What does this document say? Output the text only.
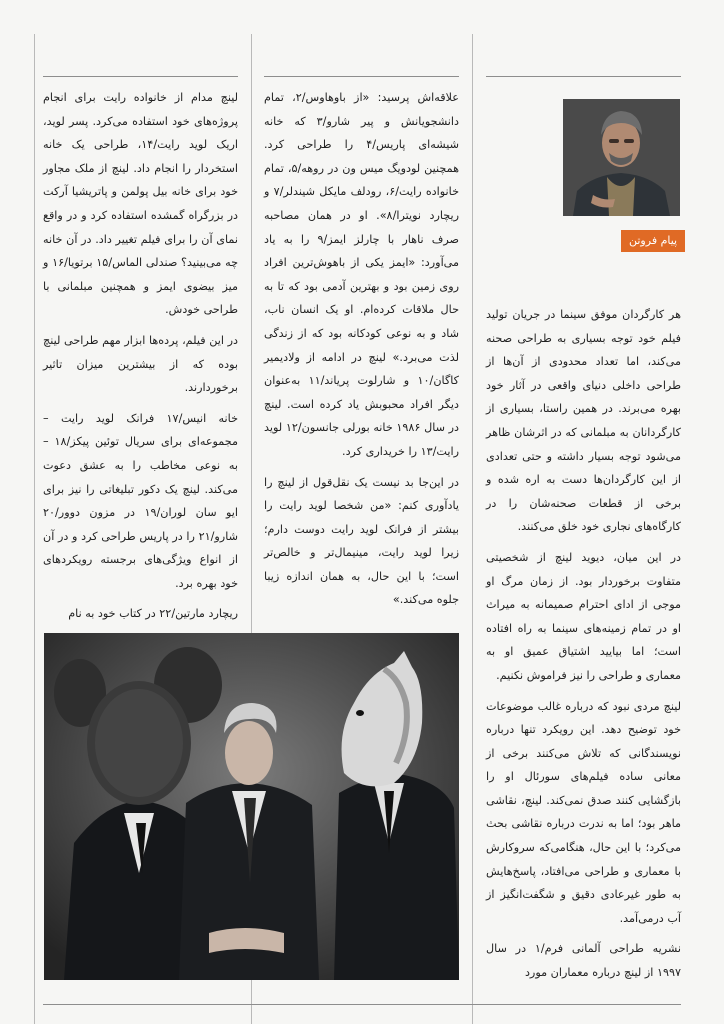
پیام فروتن

هر کارگردان موفق سینما در جریان تولید فیلم خود توجه بسیاری به طراحی صحنه می‌کند، اما تعداد محدودی از آن‌ها از طراحی داخلی دنیای واقعی در آثار خود بهره می‌برند. در همین راستا، بسیاری از کارگردانان به مبلمانی که در اثرشان ظاهر می‌شود توجه بسیار داشته و حتی تعدادی از این کارگردان‌ها دست به اره شده و برخی از قطعات صحنه‌شان را در کارگاه‌های نجاری خود خلق می‌کنند.

در این میان، دیوید لینچ از شخصیتی متفاوت برخوردار بود. از زمان مرگ او موجی از ادای احترام صمیمانه به میراث او در تمام زمینه‌های سینما به راه افتاده است؛ اما بیایید اشتیاق عمیق او به معماری و طراحی را نیز فراموش نکنیم.

لینچ مردی نبود که درباره غالب موضوعات خود توضیح دهد. این رویکرد تنها درباره نویسندگانی که تلاش می‌کنند برخی از معانی ساده فیلم‌های سورئال او را بازگشایی کنند صدق نمی‌کند. لینچ، نقاشی ماهر بود؛ اما به ندرت درباره نقاشی بحث می‌کرد؛ با این حال، هنگامی‌که سروکارش با معماری و طراحی می‌افتاد، پاسخ‌هایش به طور غیرعادی دقیق و شگفت‌انگیز از آب درمی‌آمد.

نشریه طراحی آلمانی فرم/۱ در سال ۱۹۹۷ از لینچ درباره معماران مورد

علاقه‌اش پرسید: «از باوهاوس/۲، تمام دانشجویانش و پیر شارو/۳ که خانه شیشه‌ای پاریس/۴ را طراحی کرد. همچنین لودویگ میس ون در روهه/۵، تمام خانواده رایت/۶، رودلف مایکل شیندلر/۷ و ریچارد نویترا/۸». او در همان مصاحبه صرف ناهار با چارلز ایمز/۹ را به یاد می‌آورد: «ایمز یکی از باهوش‌ترین افراد روی زمین بود و بهترین آدمی بود که تا به حال ملاقات کرده‌ام. او یک انسان ناب، شاد و به نوعی کودکانه بود که از زندگی لذت می‌برد.» لینچ در ادامه از ولادیمیر کاگان/۱۰ و شارلوت پریاند/۱۱ به‌عنوان دیگر افراد محبوبش یاد کرده است. لینچ در سال ۱۹۸۶ خانه بورلی جانسون/۱۲ لوید رایت/۱۳ را خریداری کرد.

در این‌جا بد نیست یک نقل‌قول از لینچ را یادآوری کنم: «من شخصا لوید رایت را بیشتر از فرانک لوید رایت دوست دارم؛ زیرا لوید رایت، مینیمال‌تر و خالص‌تر است؛ با این حال، به همان اندازه زیبا جلوه می‌کند.»

لینچ مدام از خانواده رایت برای انجام پروژه‌های خود استفاده می‌کرد. پسر لوید، اریک لوید رایت/۱۴، طراحی یک خانه استخردار را انجام داد. لینچ از ملک مجاور خود برای خانه بیل پولمن و پاتریشیا آرکت در بزرگراه گمشده استفاده کرد و در واقع نمای آن را برای فیلم تغییر داد. در آن خانه چه می‌بینید؟ صندلی الماس/۱۵ برتویا/۱۶ و میز بیضوی ایمز و همچنین مبلمانی با طراحی خودش.

در این فیلم، پرده‌ها ابزار مهم طراحی لینچ بوده که از بیشترین میزان تاثیر برخوردارند.

خانه انیس/۱۷ فرانک لوید رایت – مجموعه‌ای برای سریال توئین پیکز/۱۸ – به نوعی مخاطب را به عشق دعوت می‌کند. لینچ یک دکور تبلیغاتی را نیز برای ایو سان لوران/۱۹ در مزون دوور/۲۰ شارو/۲۱ را در پاریس طراحی کرد و در آن از انواع ویژگی‌های برجسته رویکردهای خود بهره برد.

ریچارد مارتین/۲۲ در کتاب خود به نام
